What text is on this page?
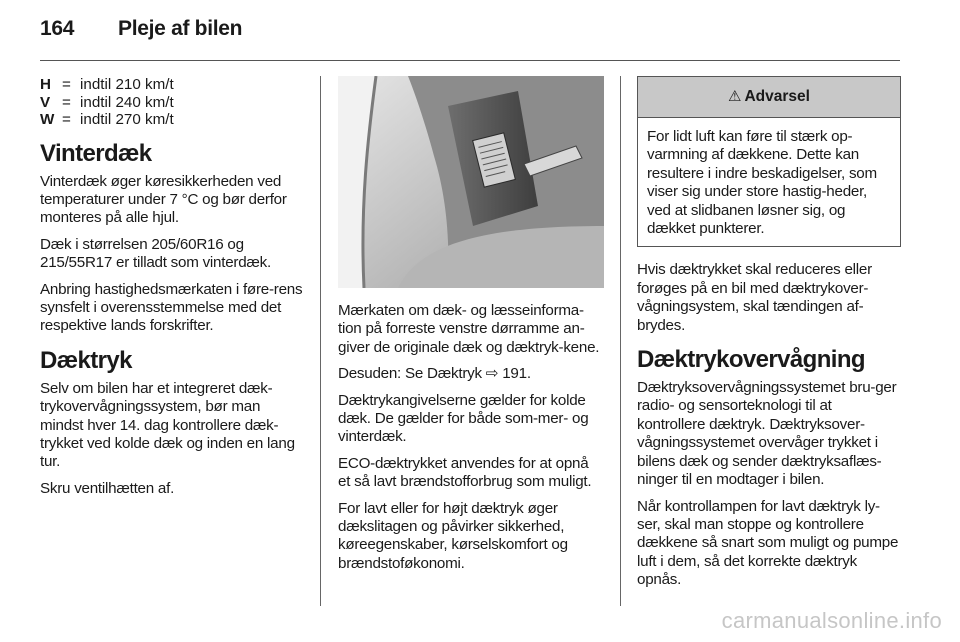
164 Pleje af bilen
H = indtil 210 km/t
V = indtil 240 km/t
W = indtil 270 km/t
Vinterdæk

Vinterdæk øger køresikkerheden ved temperaturer under 7 °C og bør derfor monteres på alle hjul.

Dæk i størrelsen 205/60R16 og 215/55R17 er tilladt som vinterdæk.

Anbring hastighedsmærkaten i føre-rens synsfelt i overensstemmelse med det respektive lands forskrifter.

Dæktryk

Selv om bilen har et integreret dæk-trykovervågningssystem, bør man mindst hver 14. dag kontrollere dæk-trykket ved kolde dæk og inden en lang tur.

Skru ventilhætten af.

Mærkaten om dæk- og læsseinforma-tion på forreste venstre dørramme an-giver de originale dæk og dæktryk-kene.

Desuden: Se Dæktryk ⇨ 191.

Dæktrykangivelserne gælder for kolde dæk. De gælder for både som-mer- og vinterdæk.

ECO-dæktrykket anvendes for at opnå et så lavt brændstofforbrug som muligt.

For lavt eller for højt dæktryk øger dækslitagen og påvirker sikkerhed, køreegenskaber, kørselskomfort og brændstoføkonomi.

⚠ Advarsel

For lidt luft kan føre til stærk op-varmning af dækkene. Dette kan resultere i indre beskadigelser, som viser sig under store hastig-heder, ved at slidbanen løsner sig, og dækket punkterer.

Hvis dæktrykket skal reduceres eller forøges på en bil med dæktrykover-vågningsystem, skal tændingen af-brydes.

Dæktrykovervågning

Dæktryksovervågningssystemet bru-ger radio- og sensorteknologi til at kontrollere dæktryk. Dæktryksover-vågningssystemet overvåger trykket i bilens dæk og sender dæktryksaflæs-ninger til en modtager i bilen.

Når kontrollampen for lavt dæktryk ly-ser, skal man stoppe og kontrollere dækkene så snart som muligt og pumpe luft i dem, så det korrekte dæktryk opnås.

carmanualsonline.info
